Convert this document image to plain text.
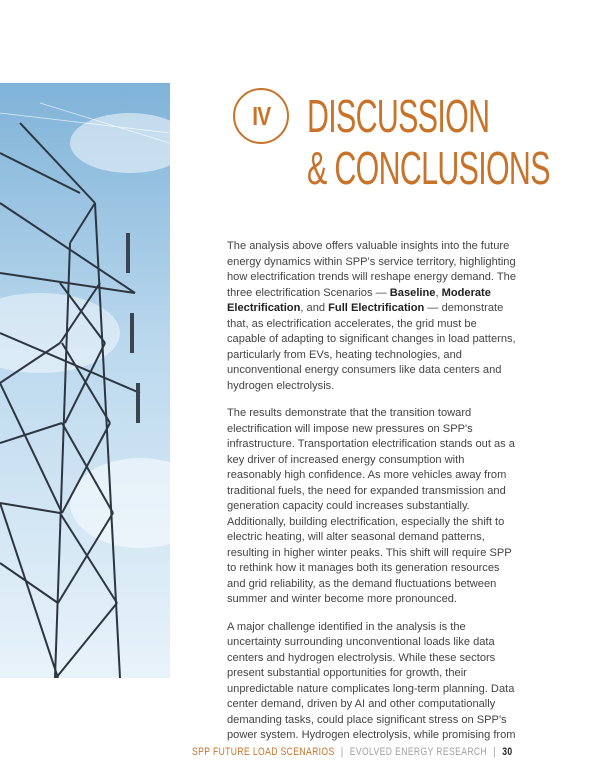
IV DISCUSSION
& CONCLUSIONS

The analysis above offers valuable insights into the future energy dynamics within SPP's service territory, highlighting how electrification trends will reshape energy demand. The three electrification Scenarios — Baseline, Moderate Electrification, and Full Electrification — demonstrate that, as electrification accelerates, the grid must be capable of adapting to significant changes in load patterns, particularly from EVs, heating technologies, and unconventional energy consumers like data centers and hydrogen electrolysis.

The results demonstrate that the transition toward electrification will impose new pressures on SPP's infrastructure. Transportation electrification stands out as a key driver of increased energy consumption with reasonably high confidence. As more vehicles away from traditional fuels, the need for expanded transmission and generation capacity could increases substantially. Additionally, building electrification, especially the shift to electric heating, will alter seasonal demand patterns, resulting in higher winter peaks. This shift will require SPP to rethink how it manages both its generation resources and grid reliability, as the demand fluctuations between summer and winter become more pronounced.

A major challenge identified in the analysis is the uncertainty surrounding unconventional loads like data centers and hydrogen electrolysis. While these sectors present substantial opportunities for growth, their unpredictable nature complicates long-term planning. Data center demand, driven by AI and other computationally demanding tasks, could place significant stress on SPP's power system. Hydrogen electrolysis, while promising from

SPP FUTURE LOAD SCENARIOS | EVOLVED ENERGY RESEARCH | 30
